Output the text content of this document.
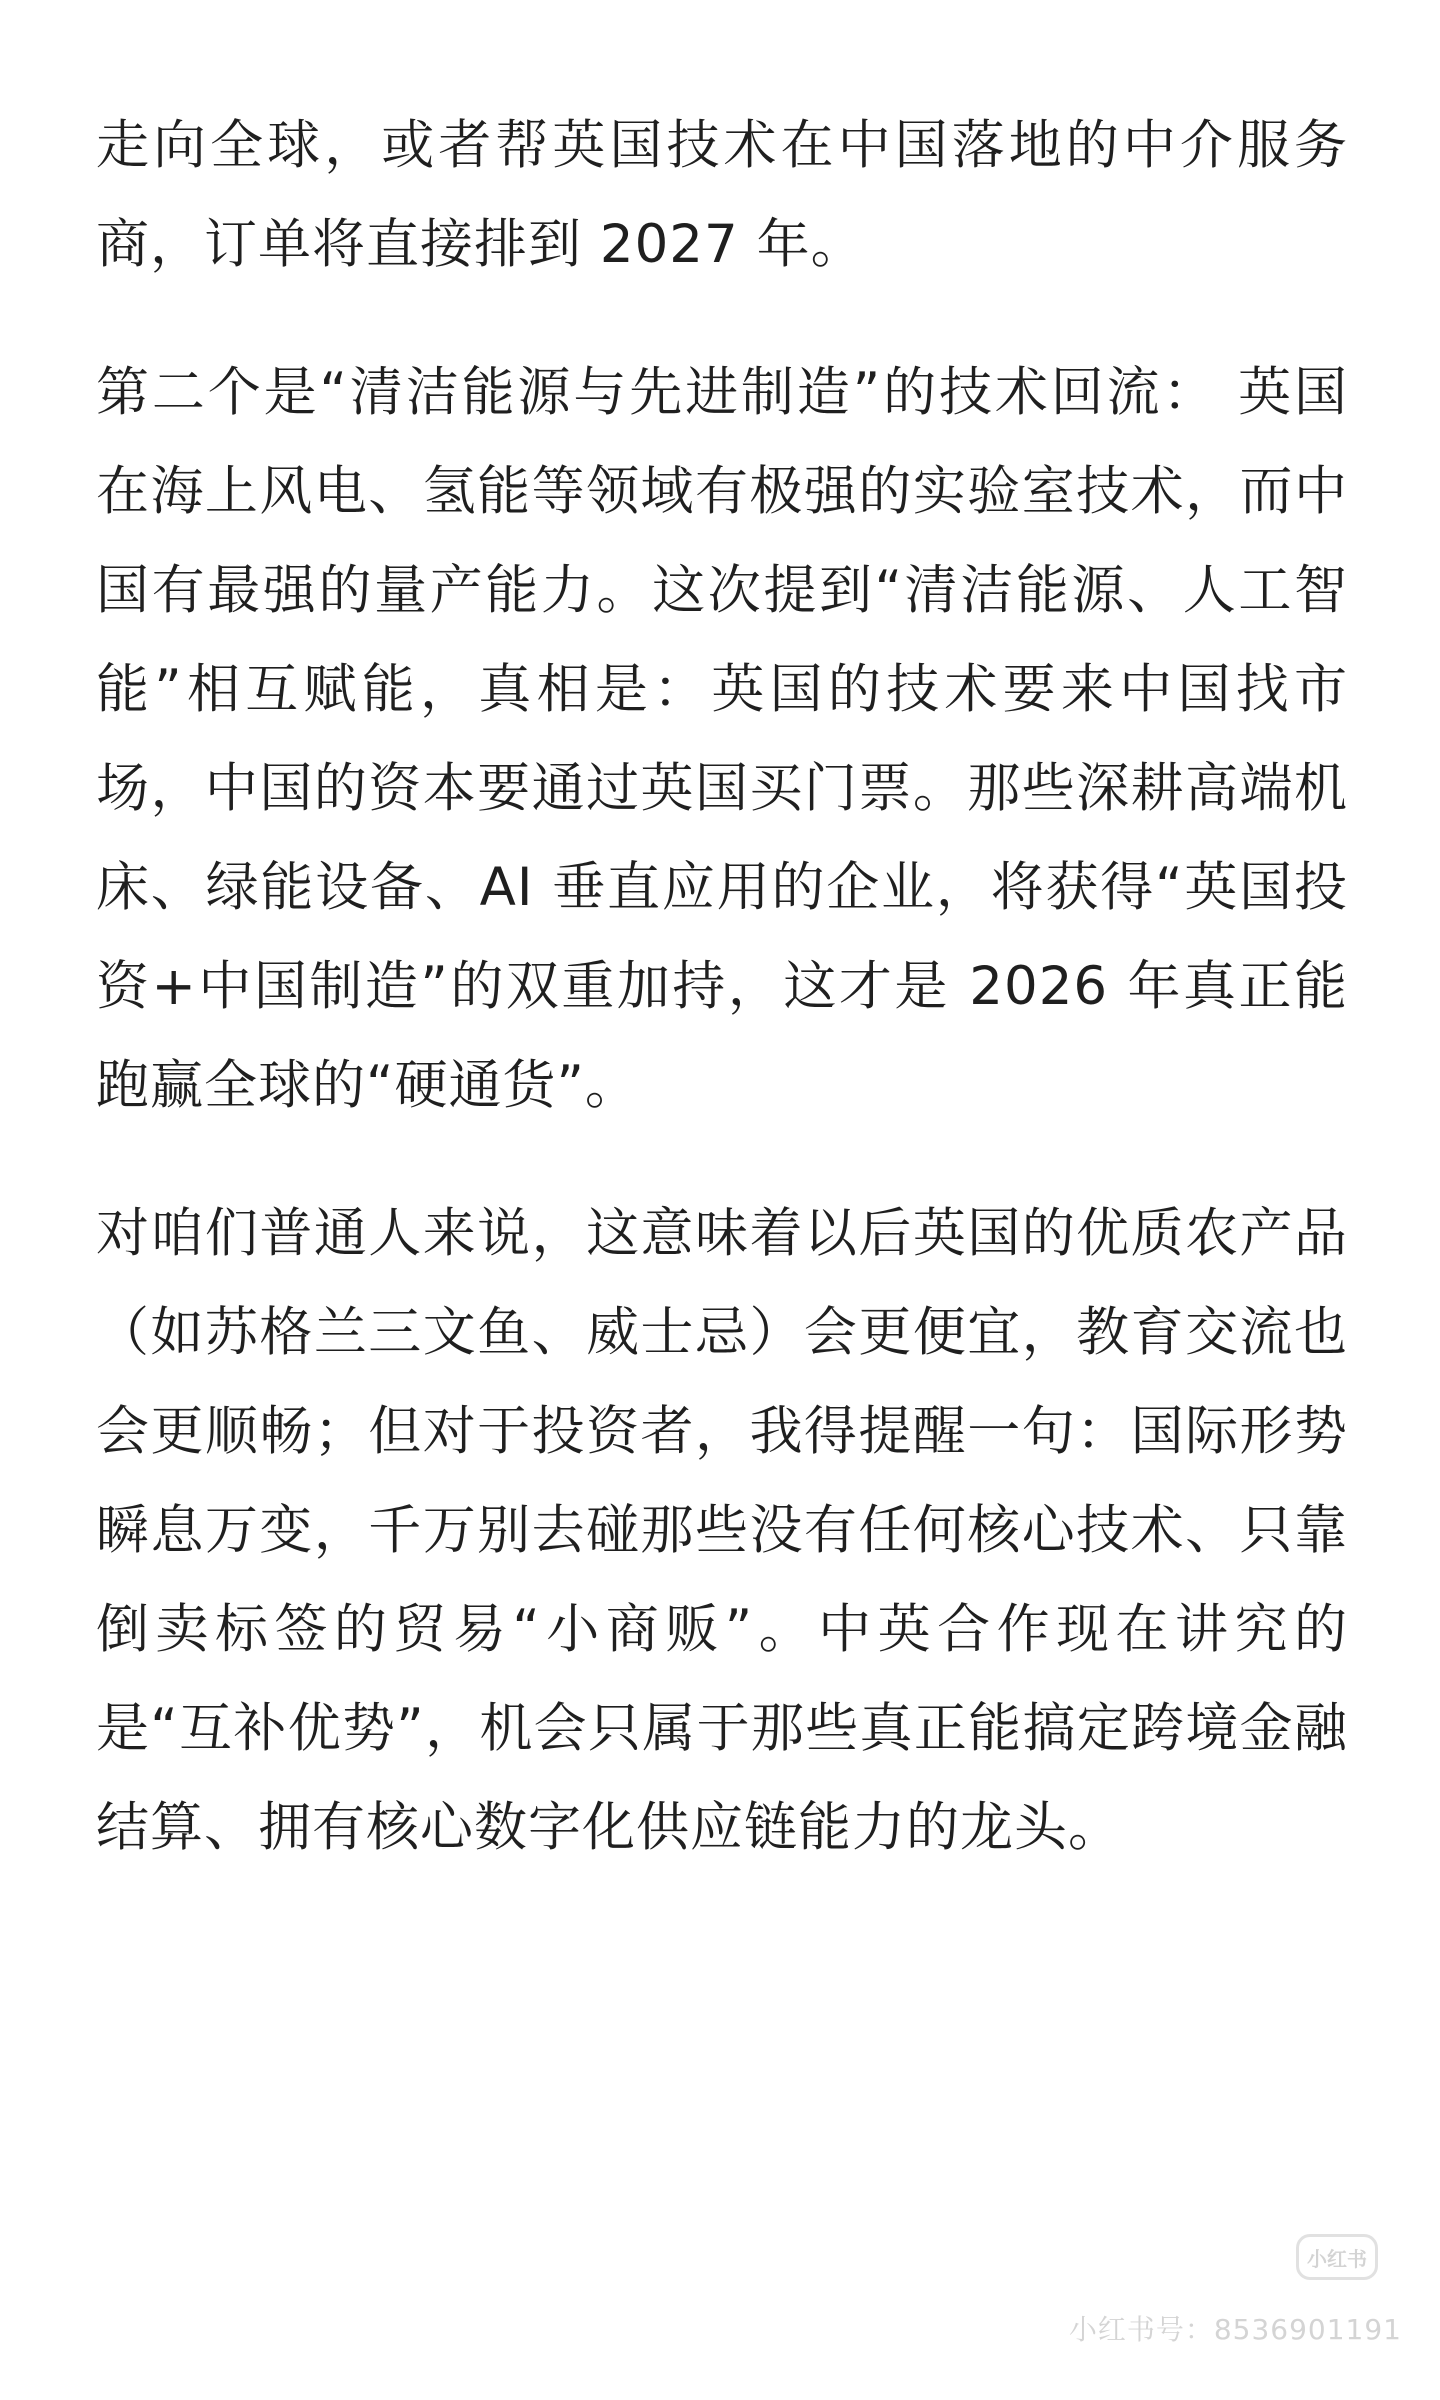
走向全球，或者帮英国技术在中国落地的中介服务商，订单将直接排到 2027 年。

第二个是“清洁能源与先进制造”的技术回流： 英国在海上风电、氢能等领域有极强的实验室技术，而中国有最强的量产能力。这次提到“清洁能源、人工智能”相互赋能，真相是：英国的技术要来中国找市场，中国的资本要通过英国买门票。那些深耕高端机床、绿能设备、AI 垂直应用的企业，将获得“英国投资+中国制造”的双重加持，这才是 2026 年真正能跑赢全球的“硬通货”。

对咱们普通人来说，这意味着以后英国的优质农产品（如苏格兰三文鱼、威士忌）会更便宜，教育交流也会更顺畅；但对于投资者，我得提醒一句：国际形势瞬息万变，千万别去碰那些没有任何核心技术、只靠倒卖标签的贸易“小商贩”。中英合作现在讲究的是“互补优势”，机会只属于那些真正能搞定跨境金融结算、拥有核心数字化供应链能力的龙头。

小红书
小红书号：8536901191
